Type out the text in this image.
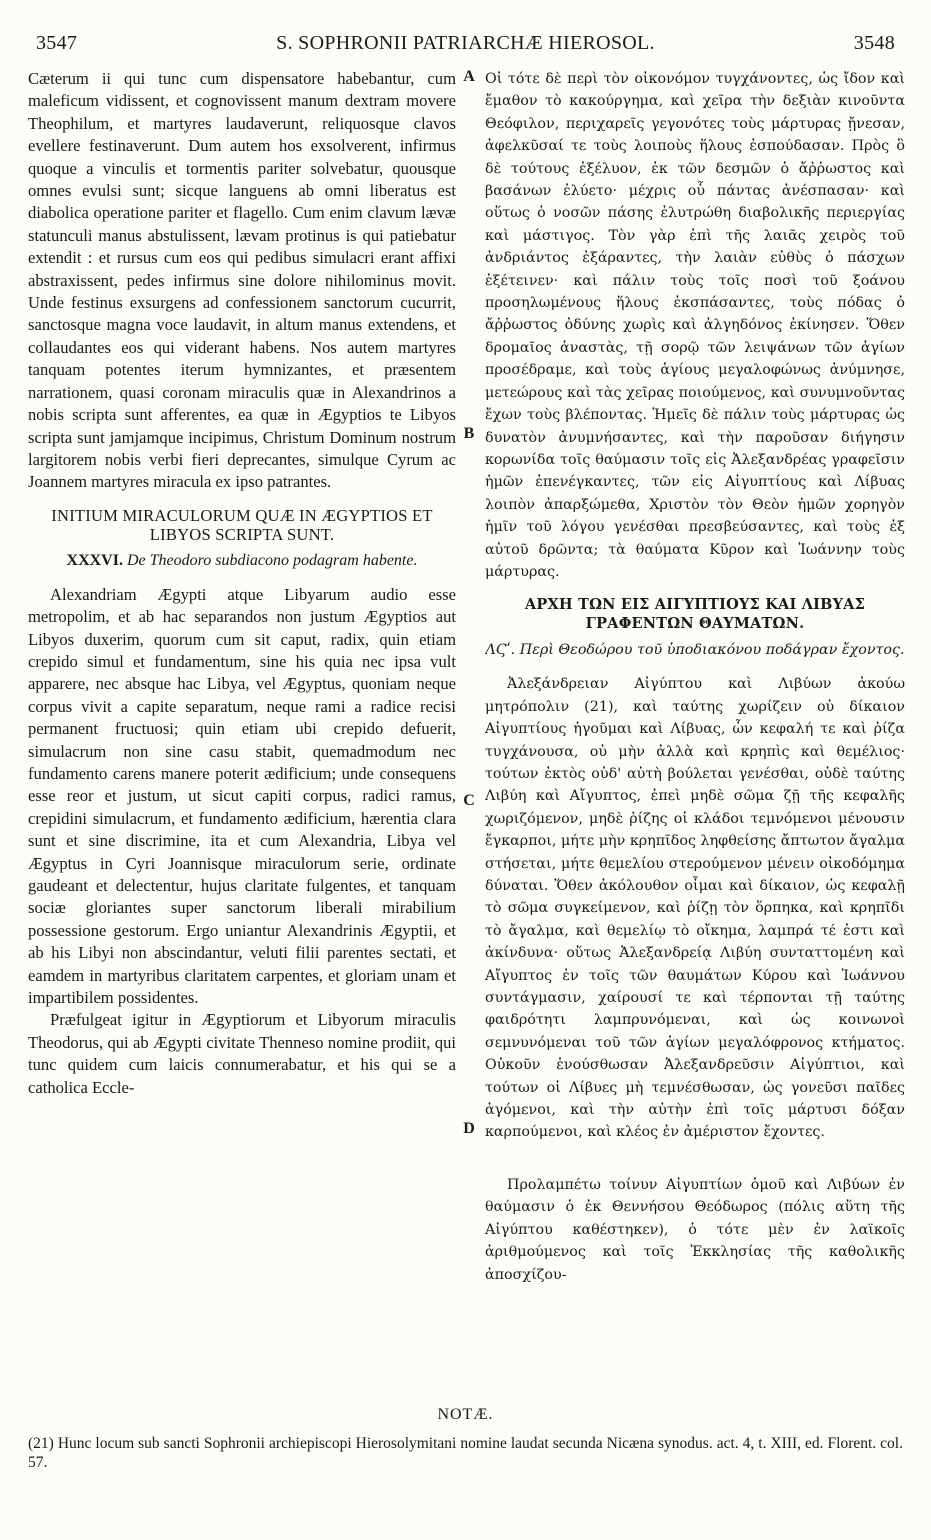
3547	S. SOPHRONII PATRIARCHÆ HIEROSOL.	3548

Cæterum ii qui tunc cum dispensatore habebantur, cum maleficum vidissent, et cognovissent manum dextram movere Theophilum, et martyres laudaverunt, reliquosque clavos evellere festinaverunt. Dum autem hos exsolverent, infirmus quoque a vinculis et tormentis pariter solvebatur, quousque omnes evulsi sunt; sicque languens ab omni liberatus est diabolica operatione pariter et flagello. Cum enim clavum lævæ statunculi manus abstulissent, lævam protinus is qui patiebatur extendit : et rursus cum eos qui pedibus simulacri erant affixi abstraxissent, pedes infirmus sine dolore nihilominus movit. Unde festinus exsurgens ad confessionem sanctorum cucurrit, sanctosque magna voce laudavit, in altum manus extendens, et collaudantes eos qui viderant habens. Nos autem martyres tanquam potentes iterum hymnizantes, et præsentem narrationem, quasi coronam miraculis quæ in Alexandrinos a nobis scripta sunt afferentes, ea quæ in Ægyptios te Libyos scripta sunt jamjamque incipimus, Christum Dominum nostrum largitorem nobis verbi fieri deprecantes, simulque Cyrum ac Joannem martyres miracula ex ipso patrantes.

INITIUM MIRACULORUM QUÆ IN ÆGYPTIOS ET LIBYOS SCRIPTA SUNT.
XXXVI. De Theodoro subdiacono podagram habente.

Alexandriam Ægypti atque Libyarum audio esse metropolim, et ab hac separandos non justum Ægyptios aut Libyos duxerim, quorum cum sit caput, radix, quin etiam crepido simul et fundamentum, sine his quia nec ipsa vult apparere, nec absque hac Libya, vel Ægyptus, quoniam neque corpus vivit a capite separatum, neque rami a radice recisi permanent fructuosi; quin etiam ubi crepido defuerit, simulacrum non sine casu stabit, quemadmodum nec fundamento carens manere poterit ædificium; unde consequens esse reor et justum, ut sicut capiti corpus, radici ramus, crepidini simulacrum, et fundamento ædificium, hærentia clara sunt et sine discrimine, ita et cum Alexandria, Libya vel Ægyptus in Cyri Joannisque miraculorum serie, ordinate gaudeant et delectentur, hujus claritate fulgentes, et tanquam sociæ gloriantes super sanctorum liberali mirabilium possessione gestorum. Ergo uniantur Alexandrinis Ægyptii, et ab his Libyi non abscindantur, veluti filii parentes sectati, et eamdem in martyribus claritatem carpentes, et gloriam unam et impartibilem possidentes.

Præfulgeat igitur in Ægyptiorum et Libyorum miraculis Theodorus, qui ab Ægypti civitate Thenneso nomine prodiit, qui tunc quidem cum laicis connumerabatur, et his qui se a catholica Eccle-

A
B
C
D

Οἱ τότε δὲ περὶ τὸν οἰκονόμον τυγχάνοντες, ὡς ἴδον καὶ ἔμαθον τὸ κακούργημα, καὶ χεῖρα τὴν δεξιὰν κινοῦντα Θεόφιλον, περιχαρεῖς γεγονότες τοὺς μάρτυρας ᾔνεσαν, ἀφελκῦσαί τε τοὺς λοιποὺς ἥλους ἐσπούδασαν. Πρὸς ὃ δὲ τούτους ἐξέλυον, ἐκ τῶν δεσμῶν ὁ ἄῤῥωστος καὶ βασάνων ἐλύετο· μέχρις οὗ πάντας ἀνέσπασαν· καὶ οὕτως ὁ νοσῶν πάσης ἐλυτρώθη διαβολικῆς περιεργίας καὶ μάστιγος. Τὸν γὰρ ἐπὶ τῆς λαιᾶς χειρὸς τοῦ ἀνδριάντος ἐξάραντες, τὴν λαιὰν εὐθὺς ὁ πάσχων ἐξέτεινεν· καὶ πάλιν τοὺς τοῖς ποσὶ τοῦ ξοάνου προσηλωμένους ἥλους ἐκσπάσαντες, τοὺς πόδας ὁ ἄῤῥωστος ὀδύνης χωρὶς καὶ ἀλγηδόνος ἐκίνησεν. Ὅθεν δρομαῖος ἀναστὰς, τῇ σορῷ τῶν λειψάνων τῶν ἁγίων προσέδραμε, καὶ τοὺς ἁγίους μεγαλοφώνως ἀνύμνησε, μετεώρους καὶ τὰς χεῖρας ποιούμενος, καὶ συνυμνοῦντας ἔχων τοὺς βλέποντας. Ἡμεῖς δὲ πάλιν τοὺς μάρτυρας ὡς δυνατὸν ἀνυμνήσαντες, καὶ τὴν παροῦσαν διήγησιν κορωνίδα τοῖς θαύμασιν τοῖς εἰς Ἀλεξανδρέας γραφεῖσιν ἡμῶν ἐπενέγκαντες, τῶν εἰς Αἰγυπτίους καὶ Λίβυας λοιπὸν ἀπαρξώμεθα, Χριστὸν τὸν Θεὸν ἡμῶν χορηγὸν ἡμῖν τοῦ λόγου γενέσθαι πρεσβεύσαντες, καὶ τοὺς ἐξ αὐτοῦ δρῶντα; τὰ θαύματα Κῦρον καὶ Ἰωάννην τοὺς μάρτυρας.

ΑΡΧΗ ΤΩΝ ΕΙΣ ΑΙΓΥΠΤΙΟΥΣ ΚΑΙ ΛΙΒΥΑΣ ΓΡΑΦΕΝΤΩΝ ΘΑΥΜΑΤΩΝ.
ΛϚʹ. Περὶ Θεοδώρου τοῦ ὑποδιακόνου ποδάγραν ἔχοντος.

Ἀλεξάνδρειαν Αἰγύπτου καὶ Λιβύων ἀκούω μητρόπολιν (21), καὶ ταύτης χωρίζειν οὐ δίκαιον Αἰγυπτίους ἡγοῦμαι καὶ Λίβυας, ὧν κεφαλή τε καὶ ῥίζα τυγχάνουσα, οὐ μὴν ἀλλὰ καὶ κρηπὶς καὶ θεμέλιος· τούτων ἐκτὸς οὐδ' αὐτὴ βούλεται γενέσθαι, οὐδὲ ταύτης Λιβύη καὶ Αἴγυπτος, ἐπεὶ μηδὲ σῶμα ζῇ τῆς κεφαλῆς χωριζόμενον, μηδὲ ῥίζης οἱ κλάδοι τεμνόμενοι μένουσιν ἔγκαρποι, μήτε μὴν κρηπῖδος ληφθείσης ἄπτωτον ἄγαλμα στήσεται, μήτε θεμελίου στερούμενον μένειν οἰκοδόμημα δύναται. Ὅθεν ἀκόλουθον οἶμαι καὶ δίκαιον, ὡς κεφαλῇ τὸ σῶμα συγκείμενον, καὶ ῥίζῃ τὸν ὅρπηκα, καὶ κρηπῖδι τὸ ἄγαλμα, καὶ θεμελίῳ τὸ οἴκημα, λαμπρά τέ ἐστι καὶ ἀκίνδυνα· οὕτως Ἀλεξανδρείᾳ Λιβύη συνταττομένη καὶ Αἴγυπτος ἐν τοῖς τῶν θαυμάτων Κύρου καὶ Ἰωάννου συντάγμασιν, χαίρουσί τε καὶ τέρπονται τῇ ταύτης φαιδρότητι λαμπρυνόμεναι, καὶ ὡς κοινωνοὶ σεμνυνόμεναι τοῦ τῶν ἁγίων μεγαλόφρονος κτήματος. Οὐκοῦν ἑνούσθωσαν Ἀλεξανδρεῦσιν Αἰγύπτιοι, καὶ τούτων οἱ Λίβυες μὴ τεμνέσθωσαν, ὡς γονεῦσι παῖδες ἀγόμενοι, καὶ τὴν αὐτὴν ἐπὶ τοῖς μάρτυσι δόξαν καρπούμενοι, καὶ κλέος ἐν ἀμέριστον ἔχοντες.

Προλαμπέτω τοίνυν Αἰγυπτίων ὁμοῦ καὶ Λιβύων ἐν θαύμασιν ὁ ἐκ Θεννήσου Θεόδωρος (πόλις αὕτη τῆς Αἰγύπτου καθέστηκεν), ὁ τότε μὲν ἐν λαϊκοῖς ἀριθμούμενος καὶ τοῖς Ἐκκλησίας τῆς καθολικῆς ἀποσχίζου-

NOTÆ.
(21) Hunc locum sub sancti Sophronii archiepiscopi Hierosolymitani nomine laudat secunda Nicæna synodus. act. 4, t. XIII, ed. Florent. col. 57.
